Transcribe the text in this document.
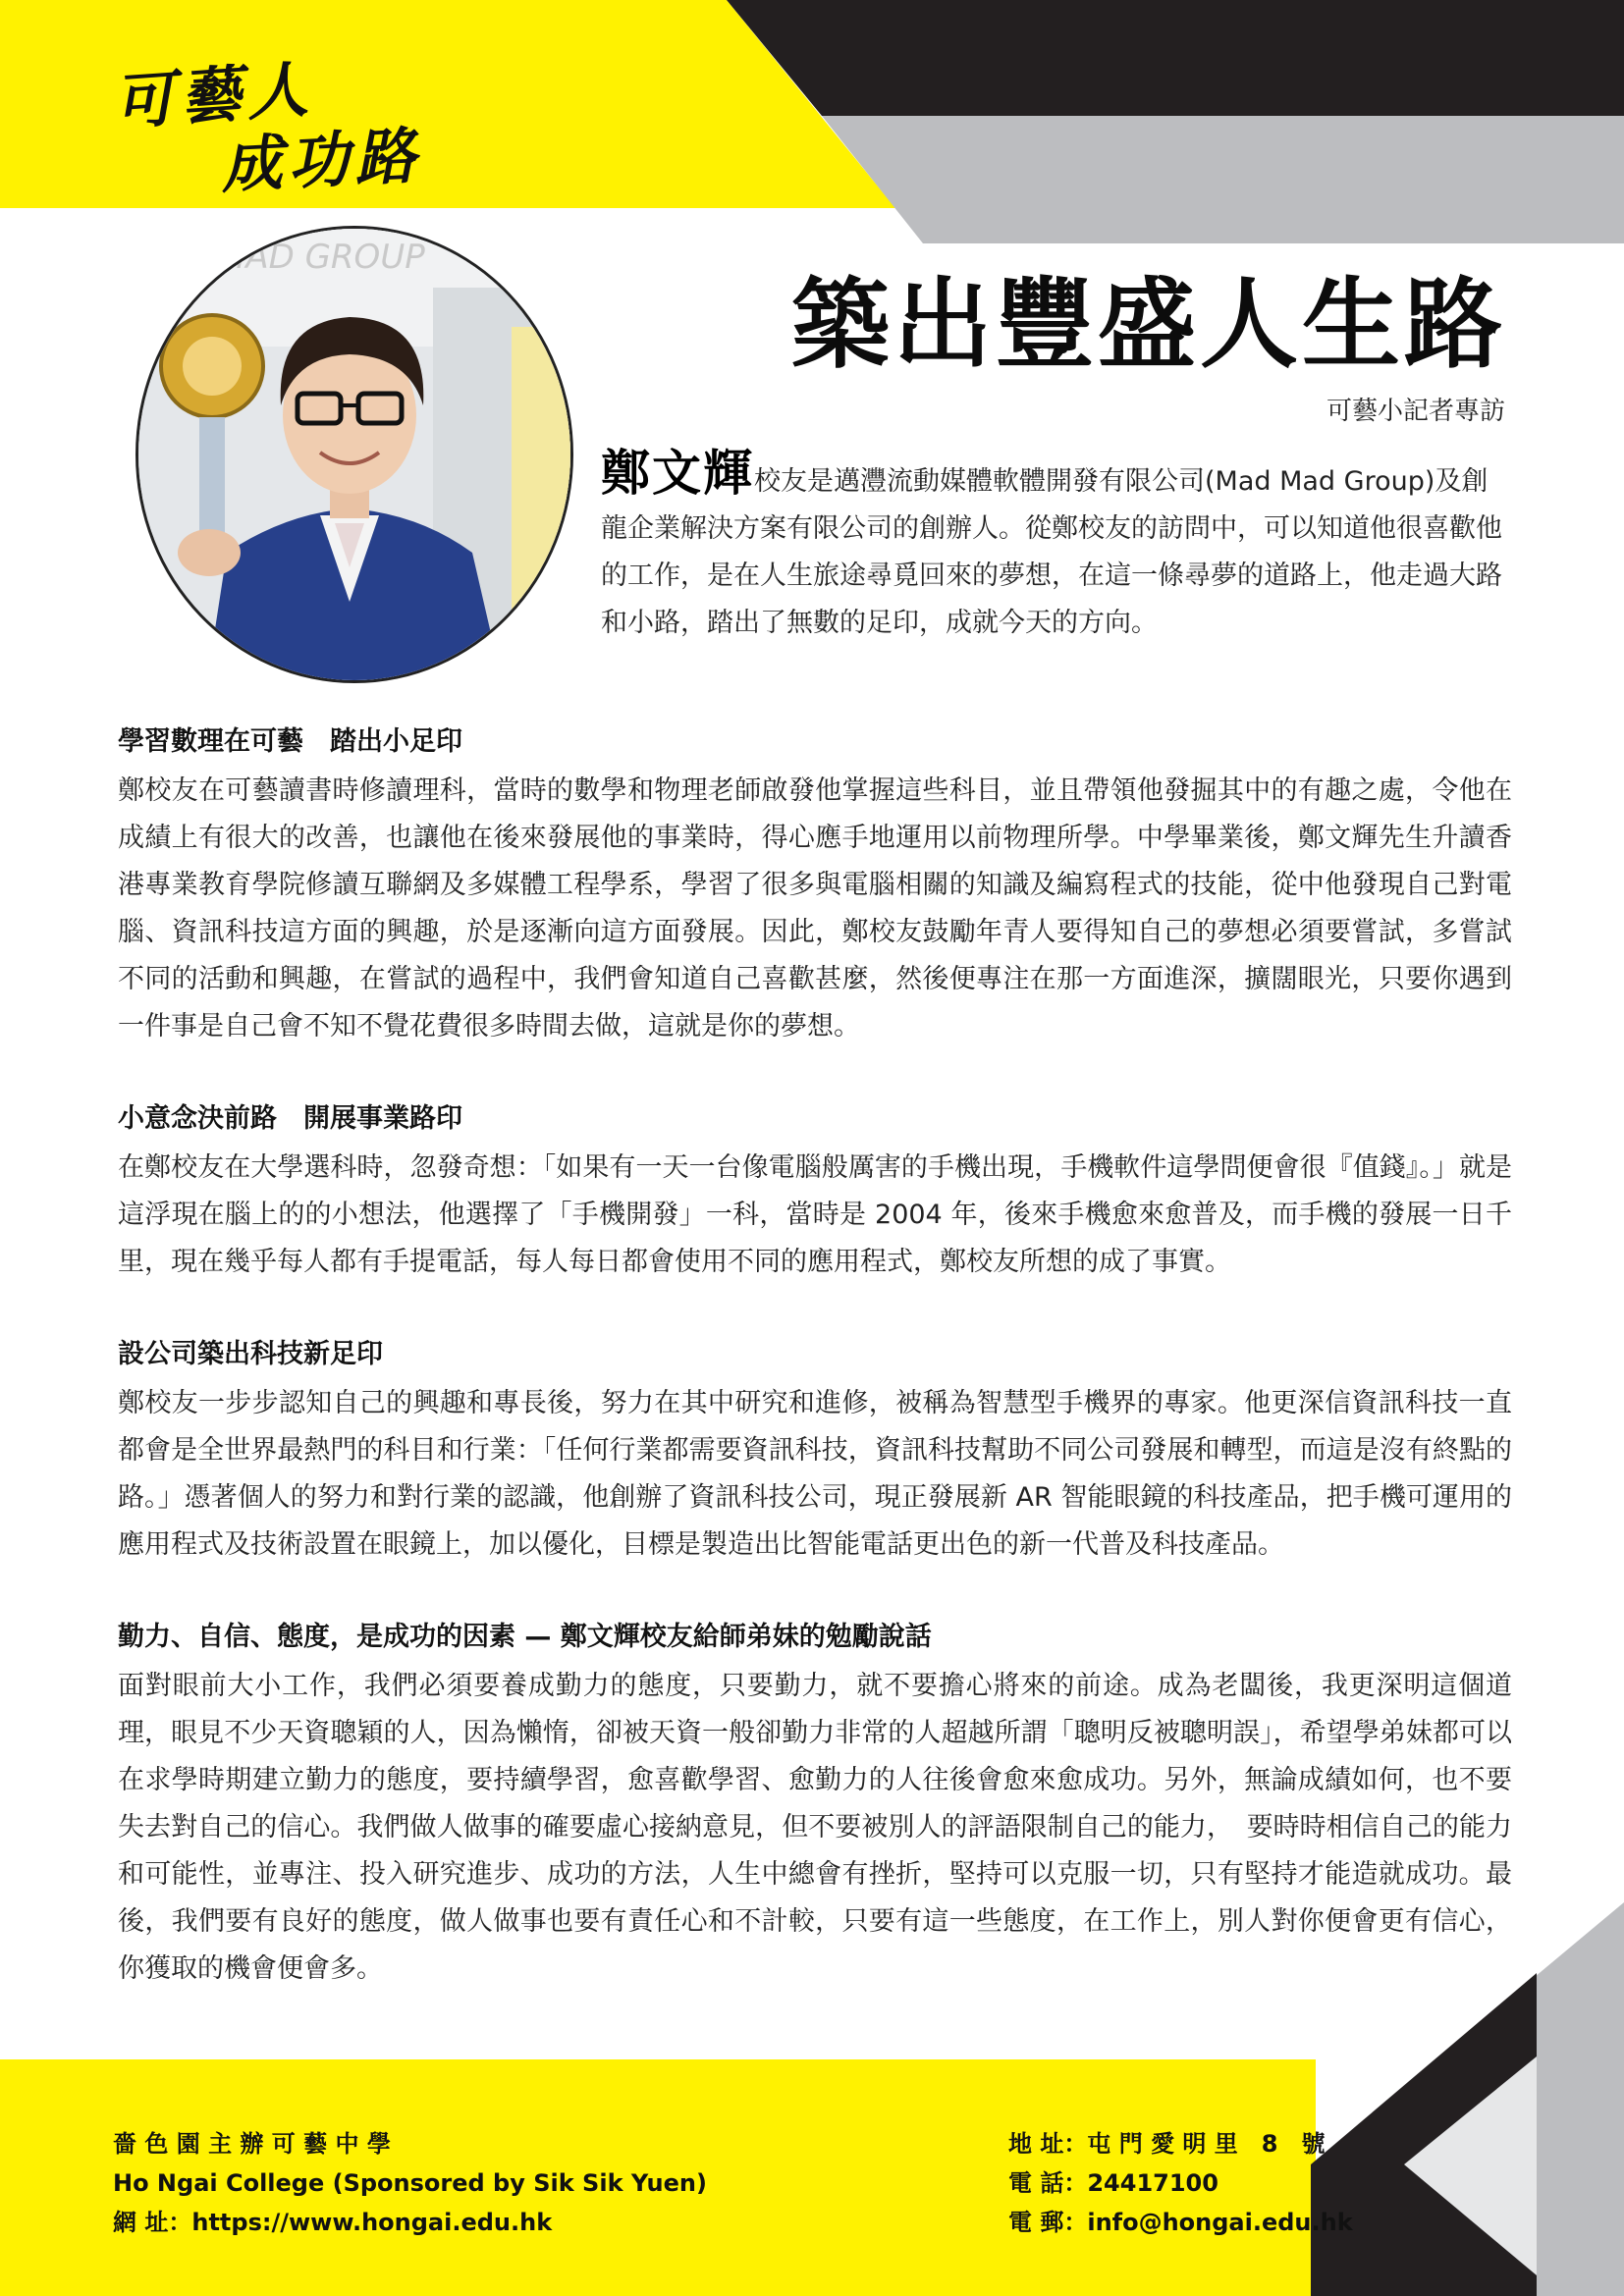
可藝人
成功路
MAD GROUP
築出豐盛人生路
可藝小記者專訪
鄭文輝校友是邁灃流動媒體軟體開發有限公司(Mad Mad Group)及創龍企業解決方案有限公司的創辦人。從鄭校友的訪問中，可以知道他很喜歡他的工作，是在人生旅途尋覓回來的夢想，在這一條尋夢的道路上，他走過大路和小路，踏出了無數的足印，成就今天的方向。
學習數理在可藝　踏出小足印

鄭校友在可藝讀書時修讀理科，當時的數學和物理老師啟發他掌握這些科目，並且帶領他發掘其中的有趣之處，令他在成績上有很大的改善，也讓他在後來發展他的事業時，得心應手地運用以前物理所學。中學畢業後，鄭文輝先生升讀香港專業教育學院修讀互聯網及多媒體工程學系，學習了很多與電腦相關的知識及編寫程式的技能，從中他發現自己對電腦、資訊科技這方面的興趣，於是逐漸向這方面發展。因此，鄭校友鼓勵年青人要得知自己的夢想必須要嘗試，多嘗試不同的活動和興趣，在嘗試的過程中，我們會知道自己喜歡甚麼，然後便專注在那一方面進深，擴闊眼光，只要你遇到一件事是自己會不知不覺花費很多時間去做，這就是你的夢想。

小意念決前路　開展事業路印

在鄭校友在大學選科時，忽發奇想：「如果有一天一台像電腦般厲害的手機出現，手機軟件這學問便會很『值錢』。」就是這浮現在腦上的的小想法，他選擇了「手機開發」一科，當時是 2004 年，後來手機愈來愈普及，而手機的發展一日千里，現在幾乎每人都有手提電話，每人每日都會使用不同的應用程式，鄭校友所想的成了事實。

設公司築出科技新足印

鄭校友一步步認知自己的興趣和專長後，努力在其中研究和進修，被稱為智慧型手機界的專家。他更深信資訊科技一直都會是全世界最熱門的科目和行業：「任何行業都需要資訊科技，資訊科技幫助不同公司發展和轉型，而這是沒有終點的路。」憑著個人的努力和對行業的認識，他創辦了資訊科技公司，現正發展新 AR 智能眼鏡的科技產品，把手機可運用的應用程式及技術設置在眼鏡上，加以優化，目標是製造出比智能電話更出色的新一代普及科技產品。

勤力、自信、態度，是成功的因素 — 鄭文輝校友給師弟妹的勉勵說話

面對眼前大小工作，我們必須要養成勤力的態度，只要勤力，就不要擔心將來的前途。成為老闆後，我更深明這個道理，眼見不少天資聰穎的人，因為懶惰，卻被天資一般卻勤力非常的人超越所謂「聰明反被聰明誤」，希望學弟妹都可以在求學時期建立勤力的態度，要持續學習，愈喜歡學習、愈勤力的人往後會愈來愈成功。另外，無論成績如何，也不要失去對自己的信心。我們做人做事的確要虛心接納意見，但不要被別人的評語限制自己的能力，　要時時相信自己的能力和可能性，並專注、投入研究進步、成功的方法，人生中總會有挫折，堅持可以克服一切，只有堅持才能造就成功。最後，我們要有良好的態度，做人做事也要有責任心和不計較，只要有這一些態度，在工作上，別人對你便會更有信心，你獲取的機會便會多。

嗇 色 園 主 辦 可 藝 中 學
Ho Ngai College (Sponsored by Sik Sik Yuen)
網 址：https://www.hongai.edu.hk
地 址：屯 門 愛 明 里　8　號
電 話：24417100
電 郵：info@hongai.edu.hk
